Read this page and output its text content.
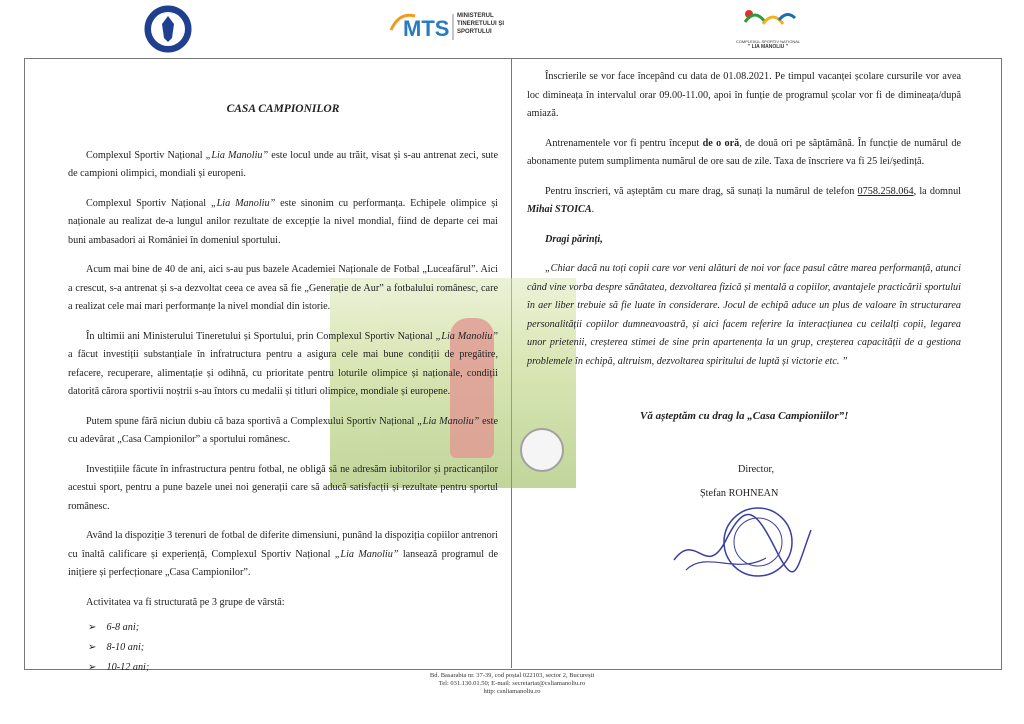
MTS MINISTERUL TINERETULUI ȘI SPORTULUI
COMPLEXUL SPORTIV NAȚIONAL
" LIA MANOLIU "
CASA CAMPIONILOR

Complexul Sportiv Național „Lia Manoliu” este locul unde au trăit, visat și s-au antrenat zeci, sute de campioni olimpici, mondiali și europeni.

Complexul Sportiv Național „Lia Manoliu” este sinonim cu performanța. Echipele olimpice și naționale au realizat de-a lungul anilor rezultate de excepție la nivel mondial, fiind de departe cei mai buni ambasadori ai României în domeniul sportului.

Acum mai bine de 40 de ani, aici s-au pus bazele Academiei Naționale de Fotbal „Luceafărul”. Aici a crescut, s-a antrenat și s-a dezvoltat ceea ce avea să fie „Generație de Aur” a fotbalului românesc, care a realizat cele mai mari performanțe la nivel mondial din istorie.

În ultimii ani Ministerului Tineretului și Sportului, prin Complexul Sportiv Național „Lia Manoliu” a făcut investiții substanțiale în infratructura pentru a asigura cele mai bune condiții de pregătire, refacere, recuperare, alimentație și odihnă, cu prioritate pentru loturile olimpice și naționale, condiții datorită cărora sportivii noștrii s-au întors cu medalii și titluri olimpice, mondiale și europene.

Putem spune fără niciun dubiu că baza sportivă a Complexului Sportiv Național „Lia Manoliu” este cu adevărat „Casa Campionilor” a sportului românesc.

Investițiile făcute în infrastructura pentru fotbal, ne obligă să ne adresăm iubitorilor și practicanților acestui sport, pentru a pune bazele unei noi generații care să aducă satisfacții și rezultate pentru sportul românesc.

Având la dispoziție 3 terenuri de fotbal de diferite dimensiuni, punând la dispoziția copiilor antrenori cu înaltă calificare și experiență, Complexul Sportiv Național „Lia Manoliu” lansează programul de inițiere și perfecționare „Casa Campionilor”.

Activitatea va fi structurată pe 3 grupe de vârstă:

➢ 6-8 ani;
➢ 8-10 ani;
➢ 10-12 ani;

Înscrierile se vor face începând cu data de 01.08.2021. Pe timpul vacanței școlare cursurile vor avea loc dimineața în intervalul orar 09.00-11.00, apoi în funție de programul școlar vor fi de dimineața/după amiază.

Antrenamentele vor fi pentru început de o oră, de două ori pe săptămână. În funcție de numărul de abonamente putem sumplimenta numărul de ore sau de zile. Taxa de înscriere va fi 25 lei/ședință.

Pentru înscrieri, vă așteptăm cu mare drag, să sunați la numărul de telefon 0758.258.064, la domnul Mihai STOICA.

Dragi părinți,

„Chiar dacă nu toți copii care vor veni alături de noi vor face pasul către marea performanță, atunci când vine vorba despre sănătatea, dezvoltarea fizică și mentală a copiilor, avantajele practicării sportului în aer liber trebuie să fie luate în considerare. Jocul de echipă aduce un plus de valoare în structurarea personalității copiilor dumneavoastră, și aici facem referire la interacțiunea cu ceilalți copii, legarea unor prietenii, creșterea stimei de sine prin apartenența la un grup, creșterea capacității de a gestiona problemele în echipă, altruism, dezvoltarea spiritului de luptă și victorie etc. ”

Vă așteptăm cu drag la „Casa Campioniilor”!
Director,
Ștefan ROHNEAN
Bd. Basarabia nr. 37-39, cod poștal 022103, sector 2, București
Tel: 031.130.01.50; E-mail: secretariat@csliamanoliu.ro
http: csnliamanoliu.ro
